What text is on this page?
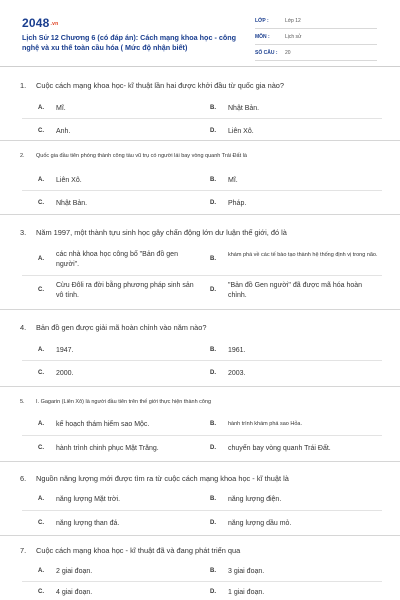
2048.vn
Lịch Sử 12 Chương 6 (có đáp án): Cách mạng khoa học - công nghệ và xu thế toàn cầu hóa ( Mức độ nhận biết)
LỚP :	Lớp 12
MÔN :	Lịch sử
SỐ CÂU : 20
1. Cuộc cách mạng khoa học- kĩ thuật lần hai được khởi đầu từ quốc gia nào?
A. Mĩ.	B. Nhật Bản.
C. Anh.	D. Liên Xô.
2. Quốc gia đầu tiên phóng thành công tàu vũ trụ có người lái bay vòng quanh Trái Đất là
A. Liên Xô.	B. Mĩ.
C. Nhật Bản.	D. Pháp.
3. Năm 1997, một thành tựu sinh học gây chấn động lớn dư luận thế giới, đó là
A.
các nhà khoa học công bố "Bản đồ gen người".
B.
khám phá về các tế bào tạo thành hệ thống định vị trong não.
C.
Cừu Đôli ra đời bằng phương pháp sinh sản vô tính.
D.
"Bản đồ Gen người" đã được mã hóa hoàn chỉnh.
4. Bản đồ gen được giải mã hoàn chỉnh vào năm nào?
A. 1947.	B. 1961.
C. 2000.	D. 2003.
5. I. Gagarin (Liên Xô) là người đầu tiên trên thế giới thực hiện thành công
A. kế hoạch thám hiểm sao Mộc.	B. hành trình khám phá sao Hỏa.
C. hành trình chinh phục Mặt Trăng.	D. chuyến bay vòng quanh Trái Đất.
6. Nguồn năng lượng mới được tìm ra từ cuộc cách mạng khoa học - kĩ thuật là
A. năng lượng Mặt trời.	B. năng lượng điện.
C. năng lượng than đá.	D. năng lượng dầu mỏ.
7. Cuộc cách mạng khoa học - kĩ thuật đã và đang phát triển qua
A. 2 giai đoạn.	B. 3 giai đoạn.
C. 4 giai đoạn.	D. 1 giai đoạn.
